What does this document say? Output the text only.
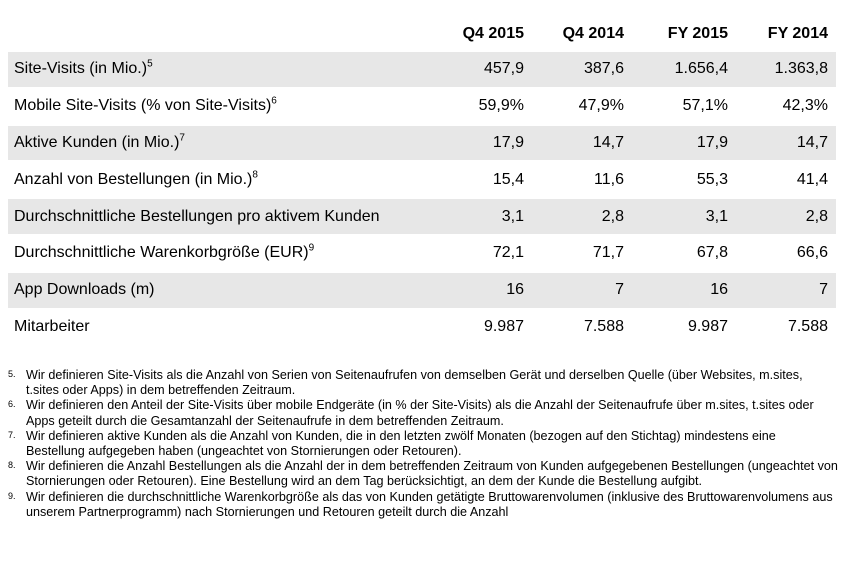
	Q4 2015	Q4 2014	FY 2015	FY 2014
Site-Visits (in Mio.)$^5$	457,9	387,6	1.656,4	1.363,8
Mobile Site-Visits (% von Site-Visits)$^6$	59,9%	47,9%	57,1%	42,3%
Aktive Kunden (in Mio.)$^7$	17,9	14,7	17,9	14,7
Anzahl von Bestellungen (in Mio.)$^8$	15,4	11,6	55,3	41,4
Durchschnittliche Bestellungen pro aktivem Kunden	3,1	2,8	3,1	2,8
Durchschnittliche Warenkorbgröße (EUR)$^9$	72,1	71,7	67,8	66,6
App Downloads (m)	16	7	16	7
Mitarbeiter	9.987	7.588	9.987	7.588

5. Wir definieren Site-Visits als die Anzahl von Serien von Seitenaufrufen von demselben Gerät und derselben Quelle (über Websites, m.sites, t.sites oder Apps) in dem betreffenden Zeitraum.

6. Wir definieren den Anteil der Site-Visits über mobile Endgeräte (in % der Site-Visits) als die Anzahl der Seitenaufrufe über m.sites, t.sites oder Apps geteilt durch die Gesamtanzahl der Seitenaufrufe in dem betreffenden Zeitraum.

7. Wir definieren aktive Kunden als die Anzahl von Kunden, die in den letzten zwölf Monaten (bezogen auf den Stichtag) mindestens eine Bestellung aufgegeben haben (ungeachtet von Stornierungen oder Retouren).

8. Wir definieren die Anzahl Bestellungen als die Anzahl der in dem betreffenden Zeitraum von Kunden aufgegebenen Bestellungen (ungeachtet von Stornierungen oder Retouren). Eine Bestellung wird an dem Tag berücksichtigt, an dem der Kunde die Bestellung aufgibt.

9. Wir definieren die durchschnittliche Warenkorbgröße als das von Kunden getätigte Bruttowarenvolumen (inklusive des Bruttowarenvolumens aus unserem Partnerprogramm) nach Stornierungen und Retouren geteilt durch die Anzahl
